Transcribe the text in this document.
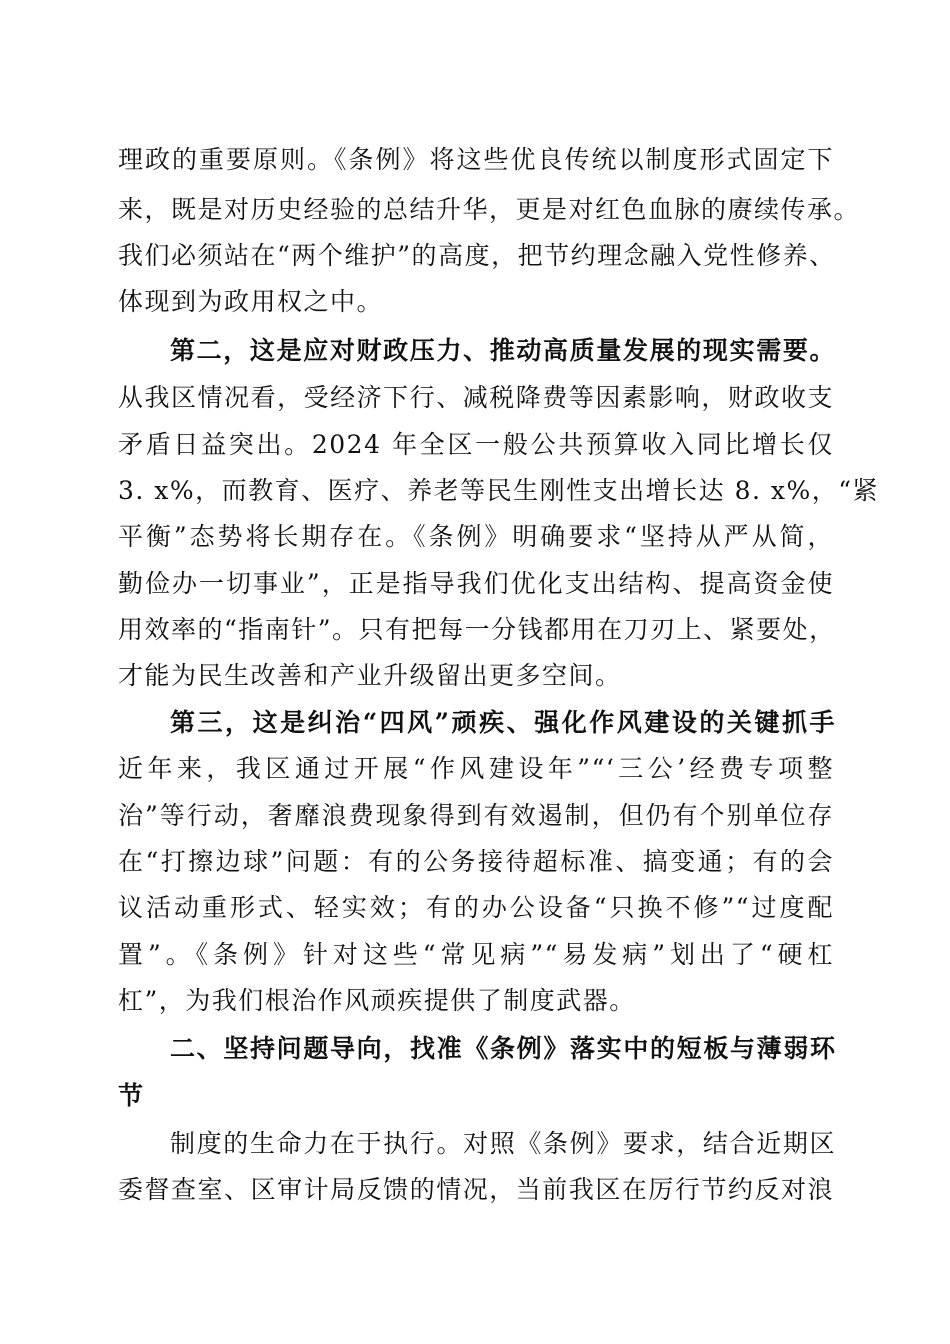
理政的重要原则。《条例》将这些优良传统以制度形式固定下
来，既是对历史经验的总结升华，更是对红色血脉的赓续传承。
我们必须站在“两个维护”的高度，把节约理念融入党性修养、
体现到为政用权之中。
第二，这是应对财政压力、推动高质量发展的现实需要。
从我区情况看，受经济下行、减税降费等因素影响，财政收支
矛盾日益突出。2024 年全区一般公共预算收入同比增长仅
3. x%，而教育、医疗、养老等民生刚性支出增长达 8. x%，“紧
平衡”态势将长期存在。《条例》明确要求“坚持从严从简，
勤俭办一切事业”，正是指导我们优化支出结构、提高资金使
用效率的“指南针”。只有把每一分钱都用在刀刃上、紧要处，
才能为民生改善和产业升级留出更多空间。
第三，这是纠治“四风”顽疾、强化作风建设的关键抓手
近年来，我区通过开展“作风建设年”“‘三公’经费专项整
治”等行动，奢靡浪费现象得到有效遏制，但仍有个别单位存
在“打擦边球”问题：有的公务接待超标准、搞变通；有的会
议活动重形式、轻实效；有的办公设备“只换不修”“过度配
置”。《条例》针对这些“常见病”“易发病”划出了“硬杠
杠”，为我们根治作风顽疾提供了制度武器。
二、坚持问题导向，找准《条例》落实中的短板与薄弱环
节
制度的生命力在于执行。对照《条例》要求，结合近期区
委督查室、区审计局反馈的情况，当前我区在厉行节约反对浪
